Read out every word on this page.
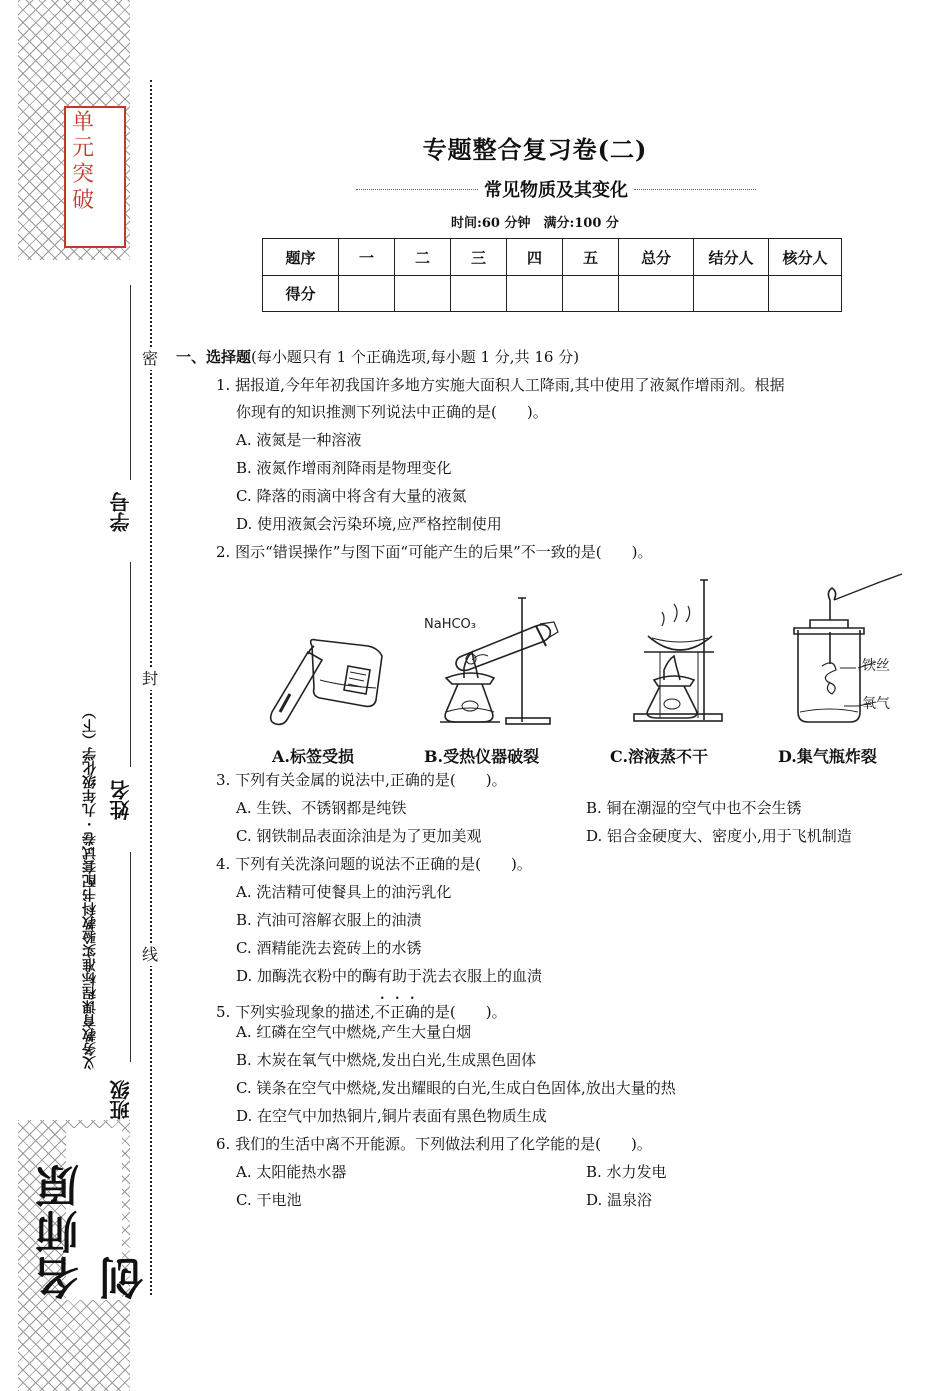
单
元
突
破
名师原创
密
封
线
学号
姓名
班级
义务教育课程标准实验教科书配套试卷 · 九年级化学（下）
专题整合复习卷(二)
常见物质及其变化
时间:60 分钟　满分:100 分
题序	一	二	三	四	五	总分	结分人	核分人
得分								
一、选择题(每小题只有 1 个正确选项,每小题 1 分,共 16 分)
1. 据报道,今年年初我国许多地方实施大面积人工降雨,其中使用了液氮作增雨剂。根据
你现有的知识推测下列说法中正确的是(　　)。
A. 液氮是一种溶液
B. 液氮作增雨剂降雨是物理变化
C. 降落的雨滴中将含有大量的液氮
D. 使用液氮会污染环境,应严格控制使用
2. 图示“错误操作”与图下面“可能产生的后果”不一致的是(　　)。
NaHCO₃
铁丝
氧气
A.标签受损	B.受热仪器破裂	C.溶液蒸不干	D.集气瓶炸裂
3. 下列有关金属的说法中,正确的是(　　)。
A. 生铁、不锈钢都是纯铁	B. 铜在潮湿的空气中也不会生锈
C. 钢铁制品表面涂油是为了更加美观	D. 铝合金硬度大、密度小,用于飞机制造
4. 下列有关洗涤问题的说法不正确的是(　　)。
A. 洗洁精可使餐具上的油污乳化
B. 汽油可溶解衣服上的油渍
C. 酒精能洗去瓷砖上的水锈
D. 加酶洗衣粉中的酶有助于洗去衣服上的血渍
5. 下列实验现象的描述,不正确的是(　　)。
A. 红磷在空气中燃烧,产生大量白烟
B. 木炭在氧气中燃烧,发出白光,生成黑色固体
C. 镁条在空气中燃烧,发出耀眼的白光,生成白色固体,放出大量的热
D. 在空气中加热铜片,铜片表面有黑色物质生成
6. 我们的生活中离不开能源。下列做法利用了化学能的是(　　)。
A. 太阳能热水器	B. 水力发电
C. 干电池	D. 温泉浴
